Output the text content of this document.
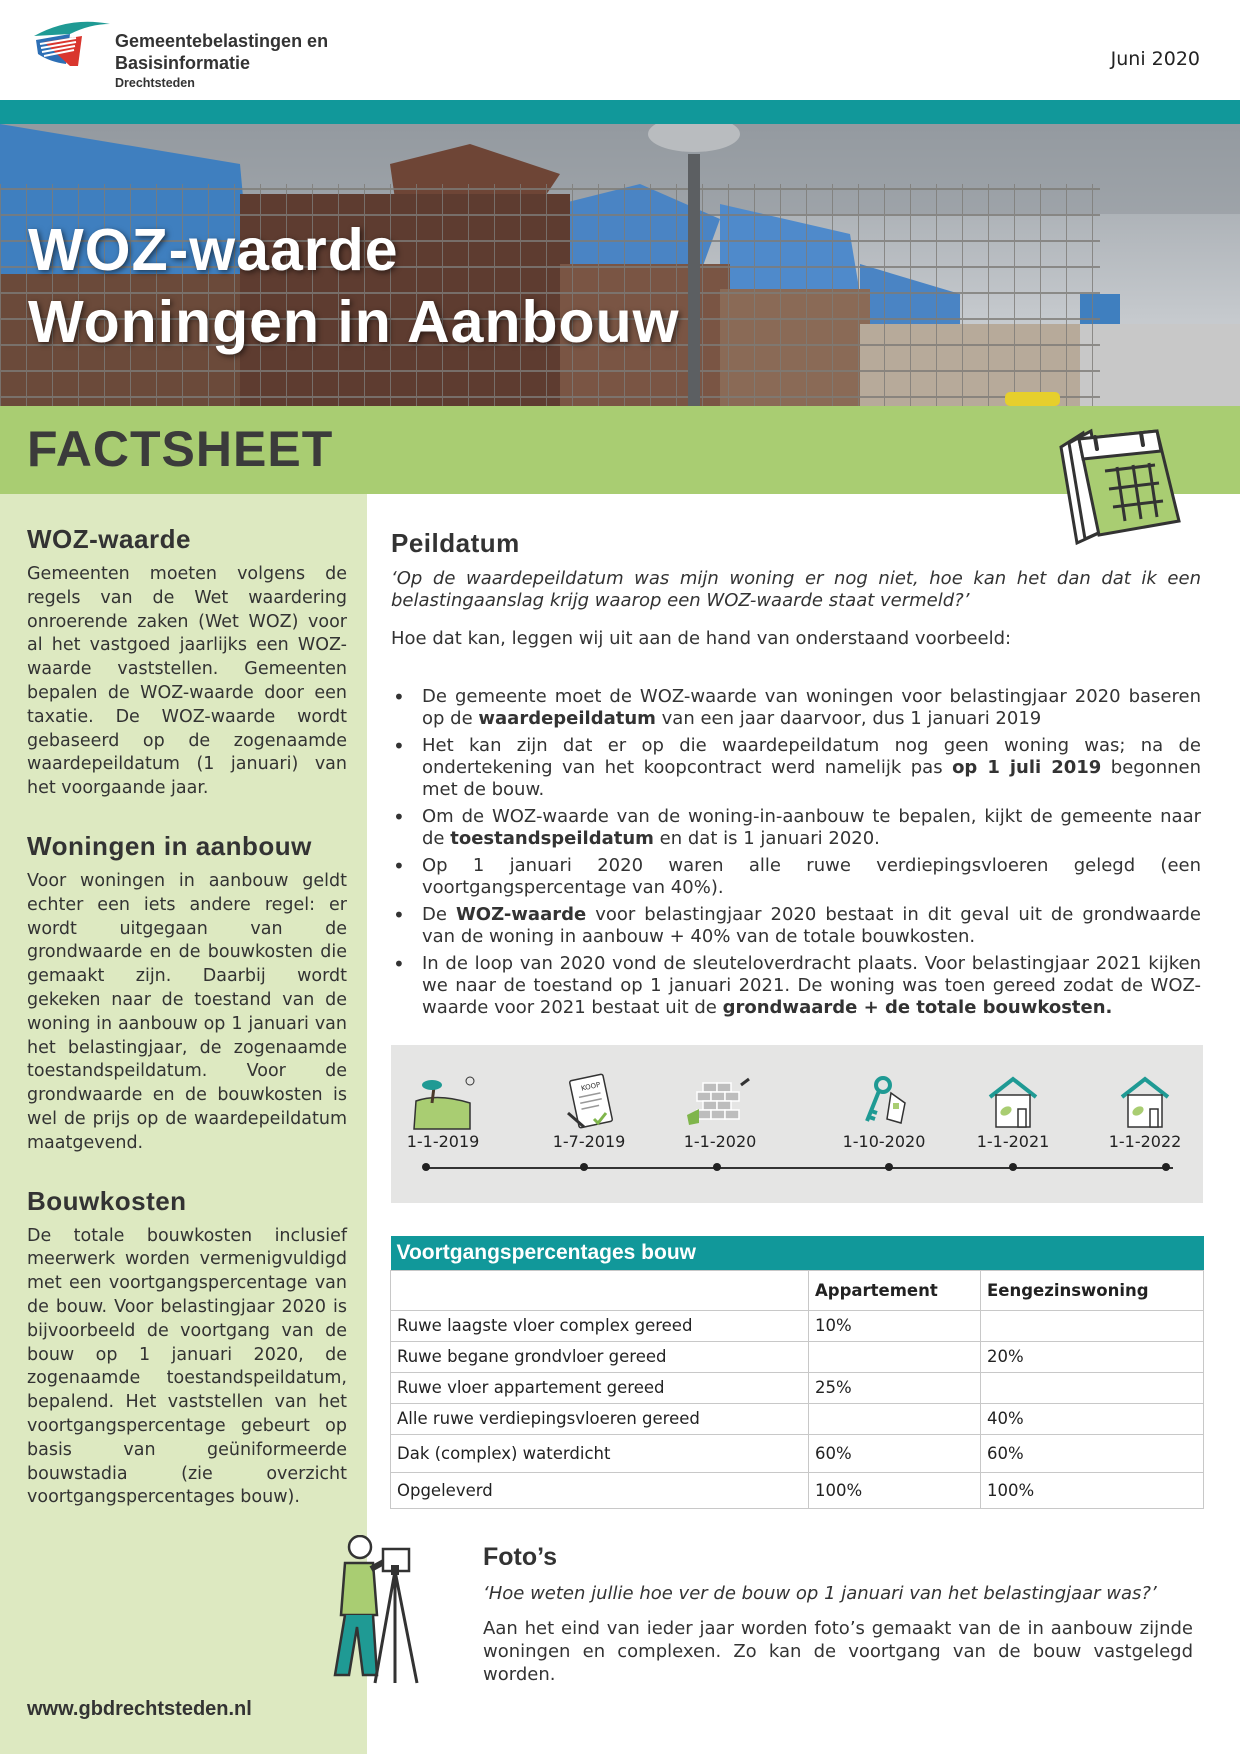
Gemeentebelastingen en
Basisinformatie
Drechtsteden
Juni 2020
WOZ-waarde
Woningen in Aanbouw
FACTSHEET
WOZ-waarde

Gemeenten moeten volgens de regels van de Wet waardering onroerende zaken (Wet WOZ) voor al het vastgoed jaarlijks een WOZ-waarde vaststellen. Gemeenten bepalen de WOZ-waarde door een taxatie. De WOZ-waarde wordt gebaseerd op de zogenaamde waardepeildatum (1 januari) van het voorgaande jaar.

Woningen in aanbouw

Voor woningen in aanbouw geldt echter een iets andere regel: er wordt uitgegaan van de grondwaarde en de bouwkosten die gemaakt zijn. Daarbij wordt gekeken naar de toestand van de woning in aanbouw op 1 januari van het belastingjaar, de zogenaamde toestandspeildatum. Voor de grondwaarde en de bouwkosten is wel de prijs op de waardepeildatum maatgevend.

Bouwkosten

De totale bouwkosten inclusief meerwerk worden vermenigvuldigd met een voortgangspercentage van de bouw. Voor belastingjaar 2020 is bijvoorbeeld de voortgang van de bouw op 1 januari 2020, de zogenaamde toestandspeildatum, bepalend. Het vaststellen van het voortgangspercentage gebeurt op basis van geüniformeerde bouwstadia (zie overzicht voortgangspercentages bouw).

www.gbdrechtsteden.nl
Peildatum
‘Op de waardepeildatum was mijn woning er nog niet, hoe kan het dan dat ik een belastingaanslag krijg waarop een WOZ-waarde staat vermeld?’
Hoe dat kan, leggen wij uit aan de hand van onderstaand voorbeeld:
• De gemeente moet de WOZ-waarde van woningen voor belastingjaar 2020 baseren op de waardepeildatum van een jaar daarvoor, dus 1 januari 2019
• Het kan zijn dat er op die waardepeildatum nog geen woning was; na de ondertekening van het koopcontract werd namelijk pas op 1 juli 2019 begonnen met de bouw.
• Om de WOZ-waarde van de woning-in-aanbouw te bepalen, kijkt de gemeente naar de toestandspeildatum en dat is 1 januari 2020.
• Op 1 januari 2020 waren alle ruwe verdiepingsvloeren gelegd (een voortgangspercentage van 40%).
• De WOZ-waarde voor belastingjaar 2020 bestaat in dit geval uit de grondwaarde van de woning in aanbouw + 40% van de totale bouwkosten.
• In de loop van 2020 vond de sleuteloverdracht plaats. Voor belastingjaar 2021 kijken we naar de toestand op 1 januari 2021. De woning was toen gereed zodat de WOZ-waarde voor 2021 bestaat uit de grondwaarde + de totale bouwkosten.
1-1-2019
KOOP
1-7-2019	1-1-2020	1-10-2020	1-1-2021	1-1-2022
Voortgangspercentages bouw		
	Appartement	Eengezinswoning
Ruwe laagste vloer complex gereed	10%	
Ruwe begane grondvloer gereed		20%
Ruwe vloer appartement gereed	25%	
Alle ruwe verdiepingsvloeren gereed		40%
Dak (complex) waterdicht	60%	60%
Opgeleverd	100%	100%
Foto’s
‘Hoe weten jullie hoe ver de bouw op 1 januari van het belastingjaar was?’
Aan het eind van ieder jaar worden foto’s gemaakt van de in aanbouw zijnde woningen en complexen. Zo kan de voortgang van de bouw vastgelegd worden.
